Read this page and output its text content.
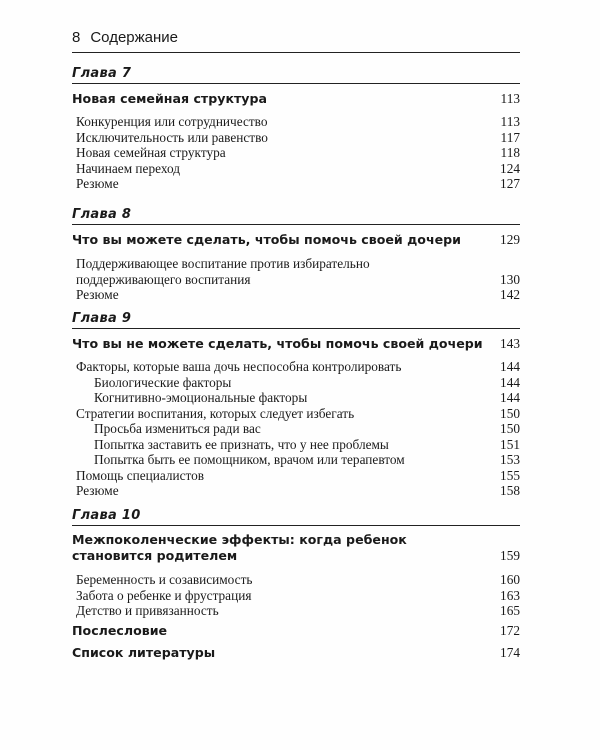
8 Содержание
Глава 7
Новая семейная структура	113
Конкуренция или сотрудничество	113
Исключительность или равенство	117
Новая семейная структура	118
Начинаем переход	124
Резюме	127
Глава 8
Что вы можете сделать, чтобы помочь своей дочери	129
Поддерживающее воспитание против избирательно
поддерживающего воспитания	130
Резюме	142
Глава 9
Что вы не можете сделать, чтобы помочь своей дочери 143
Факторы, которые ваша дочь неспособна контролировать	144
Биологические факторы	144
Когнитивно-эмоциональные факторы	144
Стратегии воспитания, которых следует избегать	150
Просьба измениться ради вас	150
Попытка заставить ее признать, что у нее проблемы	151
Попытка быть ее помощником, врачом или терапевтом	153
Помощь специалистов	155
Резюме	158
Глава 10
Межпоколенческие эффекты: когда ребенок
становится родителем	159
Беременность и созависимость	160
Забота о ребенке и фрустрация	163
Детство и привязанность	165
Послесловие	172
Список литературы	174
